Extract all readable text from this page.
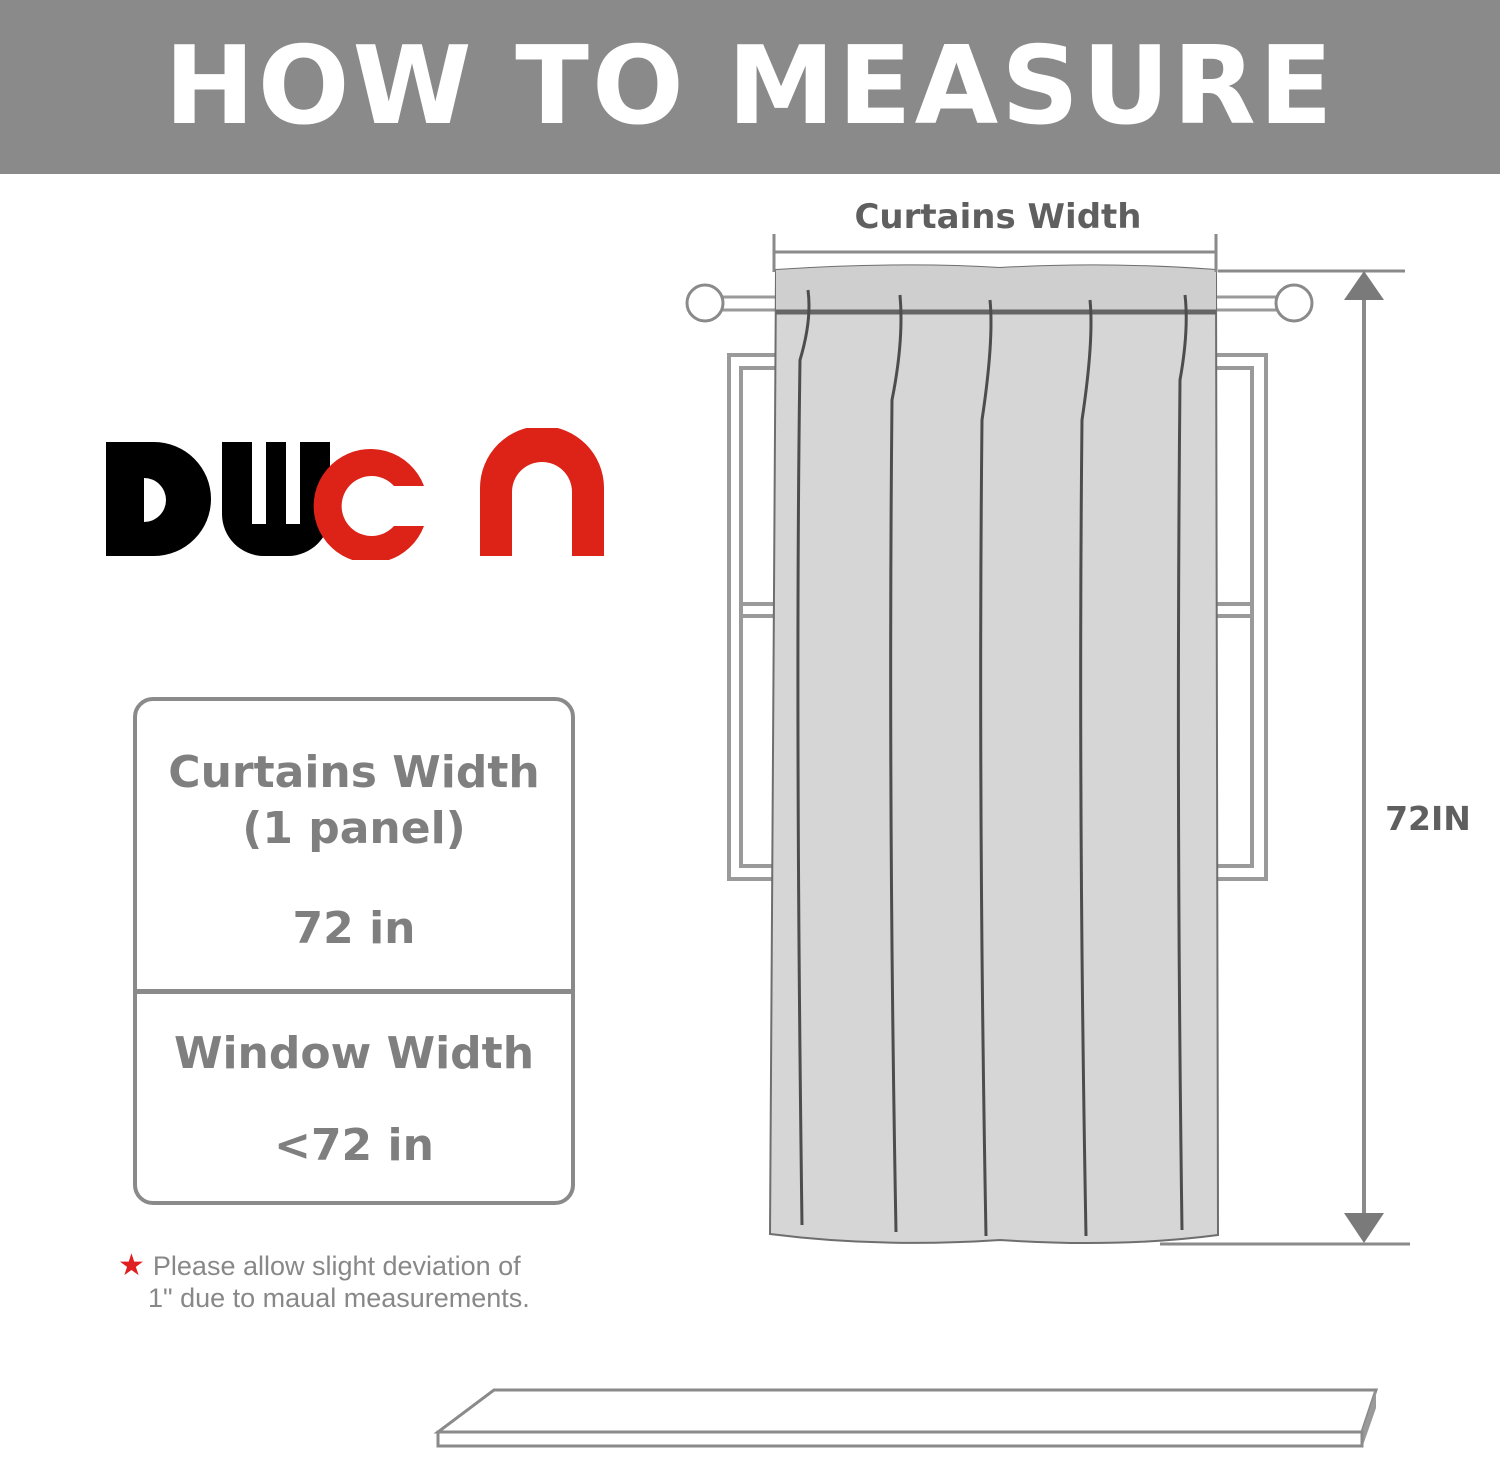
HOW TO MEASURE
Curtains Width
(1 panel)
72 in
Window Width
<72 in
★ Please allow slight deviation of
1" due to maual measurements.
Curtains Width
72IN
